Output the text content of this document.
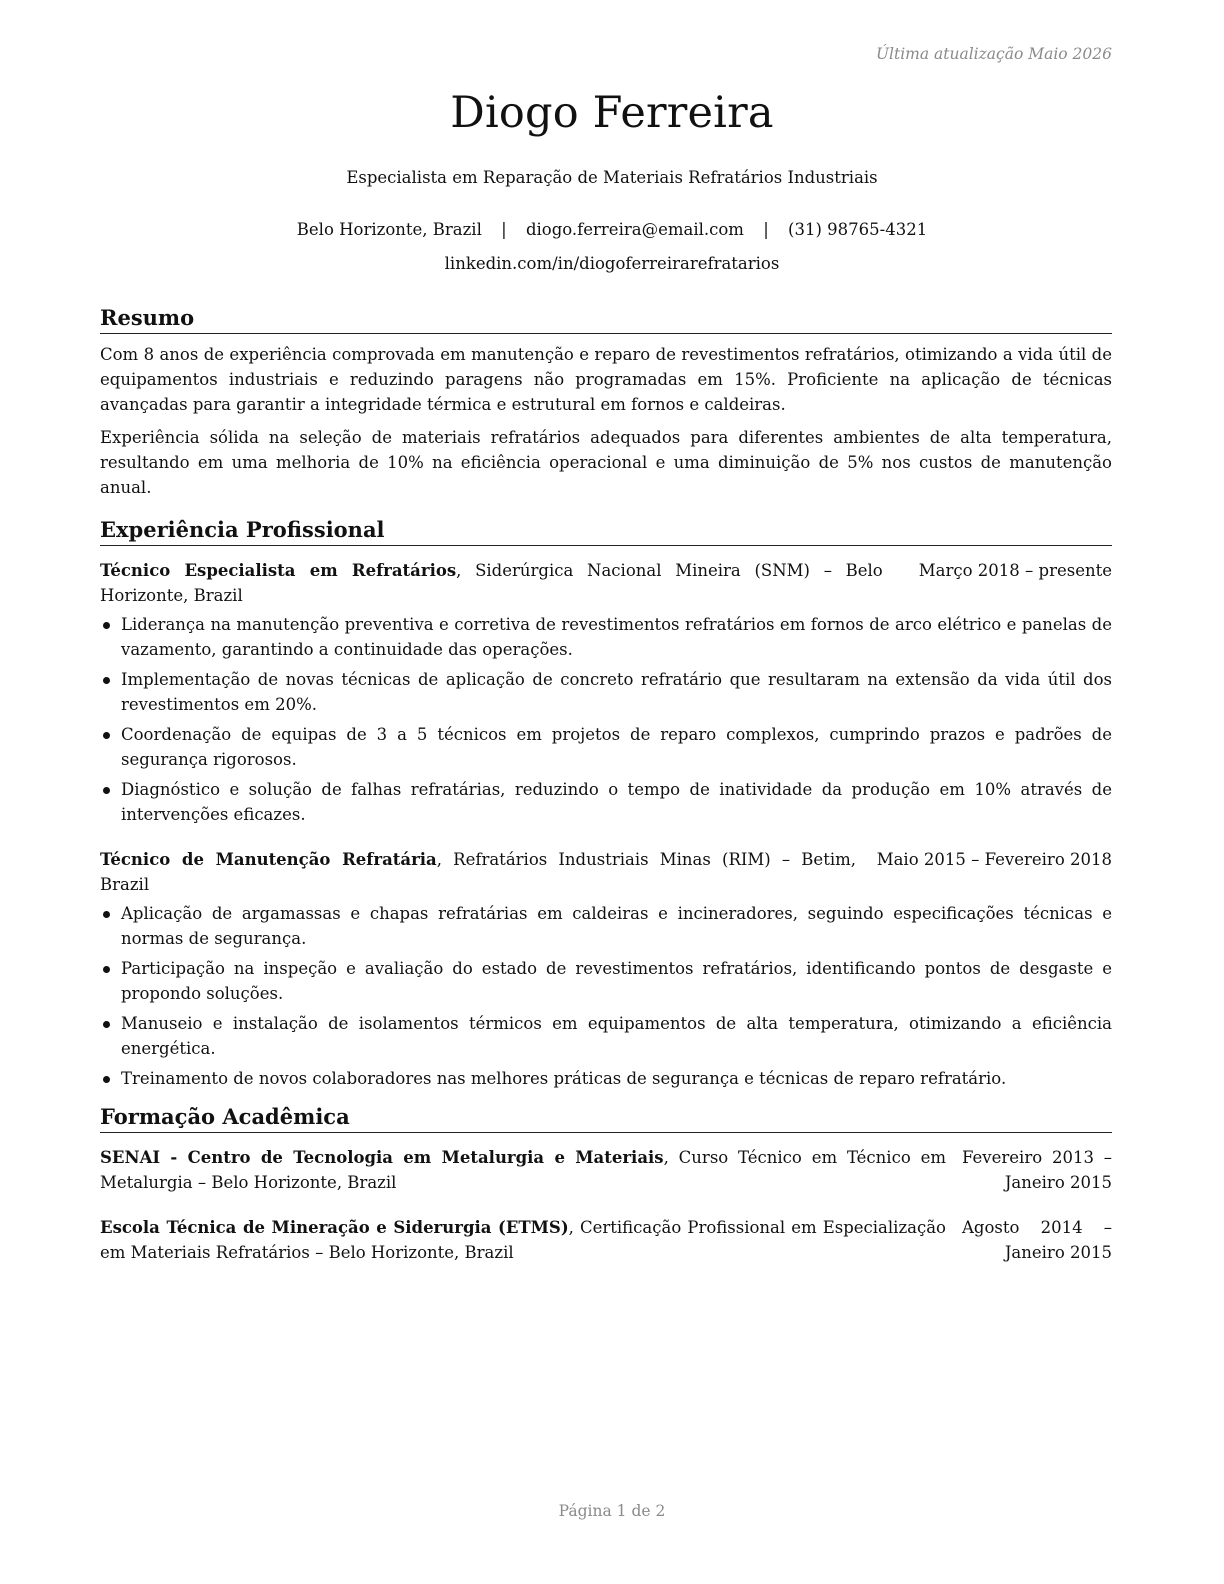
Última atualização Maio 2026
Diogo Ferreira
Especialista em Reparação de Materiais Refratários Industriais
Belo Horizonte, Brazil | diogo.ferreira@email.com | (31) 98765-4321
linkedin.com/in/diogoferreirarefratarios
Resumo

Com 8 anos de experiência comprovada em manutenção e reparo de revestimentos refratários, otimizando a vida útil de equipamentos industriais e reduzindo paragens não programadas em 15%. Proficiente na aplicação de técnicas avançadas para garantir a integridade térmica e estrutural em fornos e caldeiras.

Experiência sólida na seleção de materiais refratários adequados para diferentes ambientes de alta temperatura, resultando em uma melhoria de 10% na eficiência operacional e uma diminuição de 5% nos custos de manutenção anual.

Experiência Profissional
Técnico Especialista em Refratários, Siderúrgica Nacional Mineira (SNM) – Belo Horizonte, Brazil
Março 2018 – presente
Liderança na manutenção preventiva e corretiva de revestimentos refratários em fornos de arco elétrico e panelas de vazamento, garantindo a continuidade das operações.
Implementação de novas técnicas de aplicação de concreto refratário que resultaram na extensão da vida útil dos revestimentos em 20%.
Coordenação de equipas de 3 a 5 técnicos em projetos de reparo complexos, cumprindo prazos e padrões de segurança rigorosos.
Diagnóstico e solução de falhas refratárias, reduzindo o tempo de inatividade da produção em 10% através de intervenções eficazes.
Técnico de Manutenção Refratária, Refratários Industriais Minas (RIM) – Betim, Brazil
Maio 2015 – Fevereiro 2018
Aplicação de argamassas e chapas refratárias em caldeiras e incineradores, seguindo especificações técnicas e normas de segurança.
Participação na inspeção e avaliação do estado de revestimentos refratários, identificando pontos de desgaste e propondo soluções.
Manuseio e instalação de isolamentos térmicos em equipamentos de alta temperatura, otimizando a eficiência energética.
Treinamento de novos colaboradores nas melhores práticas de segurança e técnicas de reparo refratário.
Formação Acadêmica
SENAI - Centro de Tecnologia em Metalurgia e Materiais, Curso Técnico em Técnico em Metalurgia – Belo Horizonte, Brazil
Fevereiro 2013 – Janeiro 2015
Escola Técnica de Mineração e Siderurgia (ETMS), Certificação Profissional em Especialização em Materiais Refratários – Belo Horizonte, Brazil
Agosto 2014 – Janeiro 2015
Página 1 de 2
